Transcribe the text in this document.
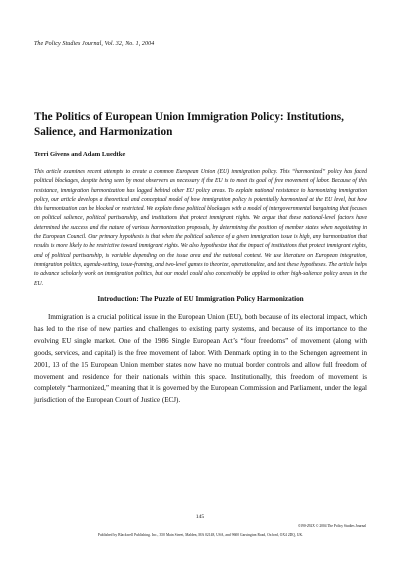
The Policy Studies Journal, Vol. 32, No. 1, 2004
The Politics of European Union Immigration Policy: Institutions, Salience, and Harmonization
Terri Givens and Adam Luedtke
This article examines recent attempts to create a common European Union (EU) immigration policy. This “harmonized” policy has faced political blockages, despite being seen by most observers as necessary if the EU is to meet its goal of free movement of labor. Because of this resistance, immigration harmonization has lagged behind other EU policy areas. To explain national resistance to harmonizing immigration policy, our article develops a theoretical and conceptual model of how immigration policy is potentially harmonized at the EU level, but how this harmonization can be blocked or restricted. We explain these political blockages with a model of intergovernmental bargaining that focuses on political salience, political partisanship, and institutions that protect immigrant rights. We argue that these national-level factors have determined the success and the nature of various harmonization proposals, by determining the position of member states when negotiating in the European Council. Our primary hypothesis is that when the political salience of a given immigration issue is high, any harmonization that results is more likely to be restrictive toward immigrant rights. We also hypothesize that the impact of institutions that protect immigrant rights, and of political partisanship, is variable depending on the issue area and the national context. We use literature on European integration, immigration politics, agenda-setting, issue-framing, and two-level games to theorize, operationalize, and test these hypotheses. The article helps to advance scholarly work on immigration politics, but our model could also conceivably be applied to other high-salience policy areas in the EU.
Introduction: The Puzzle of EU Immigration Policy Harmonization
Immigration is a crucial political issue in the European Union (EU), both because of its electoral impact, which has led to the rise of new parties and challenges to existing party systems, and because of its importance to the evolving EU single market. One of the 1986 Single European Act’s “four freedoms” of movement (along with goods, services, and capital) is the free movement of labor. With Denmark opting in to the Schengen agreement in 2001, 13 of the 15 European Union member states now have no mutual border controls and allow full freedom of movement and residence for their nationals within this space. Institutionally, this freedom of movement is completely “harmonized,” meaning that it is governed by the European Commission and Parliament, under the legal jurisdiction of the European Court of Justice (ECJ).
145
0190-292X © 2004 The Policy Studies Journal
Published by Blackwell Publishing. Inc., 350 Main Street, Malden, MA 02148, USA, and 9600 Garsington Road, Oxford, OX4 2DQ, UK.
